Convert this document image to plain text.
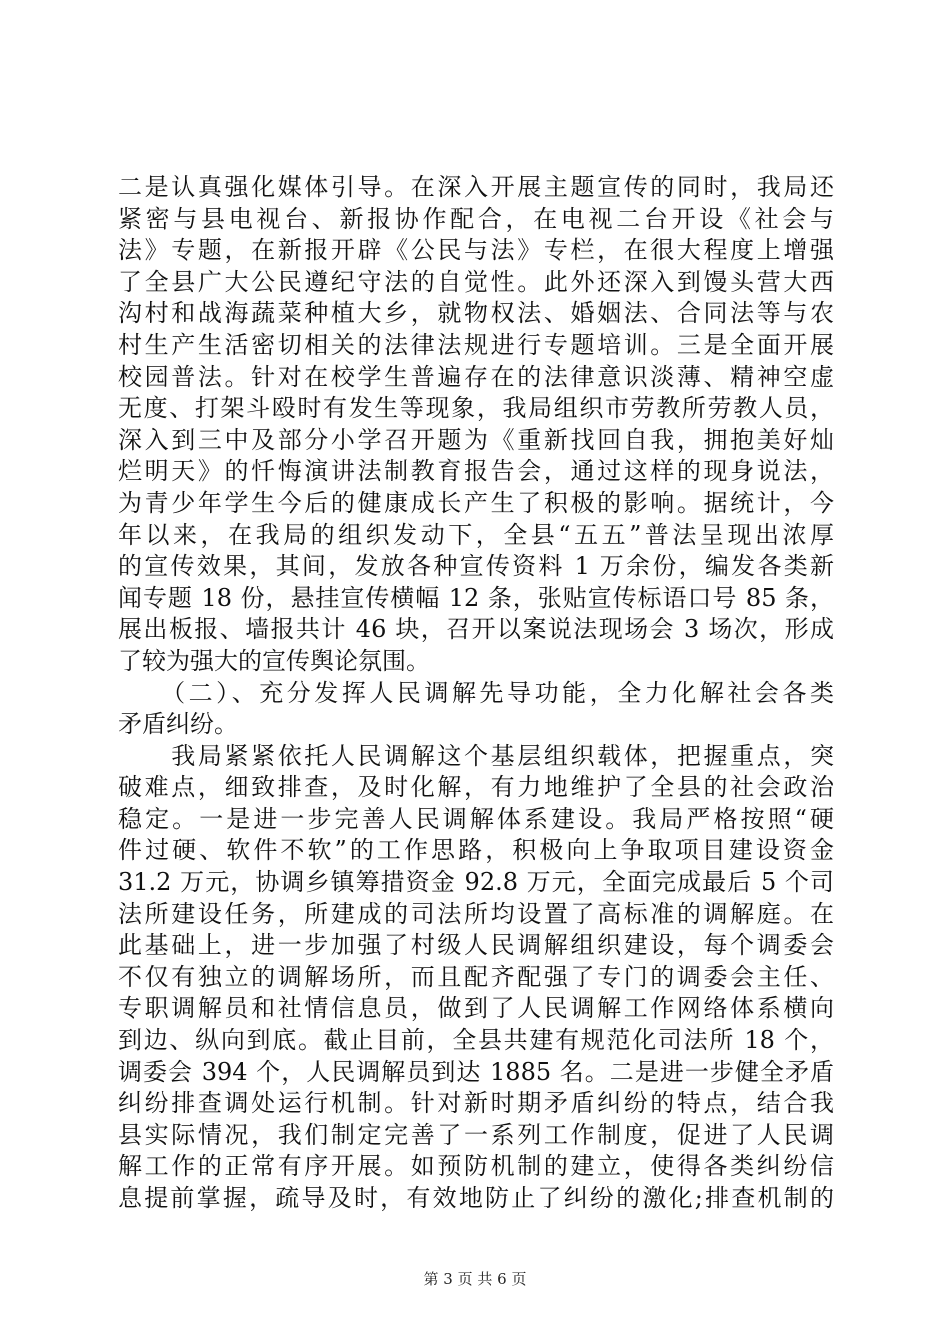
二是认真强化媒体引导。在深入开展主题宣传的同时，我局还
紧密与县电视台、新报协作配合，在电视二台开设《社会与
法》专题，在新报开辟《公民与法》专栏，在很大程度上增强
了全县广大公民遵纪守法的自觉性。此外还深入到馒头营大西
沟村和战海蔬菜种植大乡，就物权法、婚姻法、合同法等与农
村生产生活密切相关的法律法规进行专题培训。三是全面开展
校园普法。针对在校学生普遍存在的法律意识淡薄、精神空虚
无度、打架斗殴时有发生等现象，我局组织市劳教所劳教人员，
深入到三中及部分小学召开题为《重新找回自我，拥抱美好灿
烂明天》的忏悔演讲法制教育报告会，通过这样的现身说法，
为青少年学生今后的健康成长产生了积极的影响。据统计，今
年以来，在我局的组织发动下，全县“五五”普法呈现出浓厚
的宣传效果，其间，发放各种宣传资料 1 万余份，编发各类新
闻专题 18 份，悬挂宣传横幅 12 条，张贴宣传标语口号 85 条，
展出板报、墙报共计 46 块，召开以案说法现场会 3 场次，形成
了较为强大的宣传舆论氛围。
　　（二）、充分发挥人民调解先导功能，全力化解社会各类
矛盾纠纷。
　　我局紧紧依托人民调解这个基层组织载体，把握重点，突
破难点，细致排查，及时化解，有力地维护了全县的社会政治
稳定。一是进一步完善人民调解体系建设。我局严格按照“硬
件过硬、软件不软”的工作思路，积极向上争取项目建设资金
31.2 万元，协调乡镇筹措资金 92.8 万元，全面完成最后 5 个司
法所建设任务，所建成的司法所均设置了高标准的调解庭。在
此基础上，进一步加强了村级人民调解组织建设，每个调委会
不仅有独立的调解场所，而且配齐配强了专门的调委会主任、
专职调解员和社情信息员，做到了人民调解工作网络体系横向
到边、纵向到底。截止目前，全县共建有规范化司法所 18 个，
调委会 394 个，人民调解员到达 1885 名。二是进一步健全矛盾
纠纷排查调处运行机制。针对新时期矛盾纠纷的特点，结合我
县实际情况，我们制定完善了一系列工作制度，促进了人民调
解工作的正常有序开展。如预防机制的建立，使得各类纠纷信
息提前掌握，疏导及时，有效地防止了纠纷的激化;排查机制的
第 3 页 共 6 页
